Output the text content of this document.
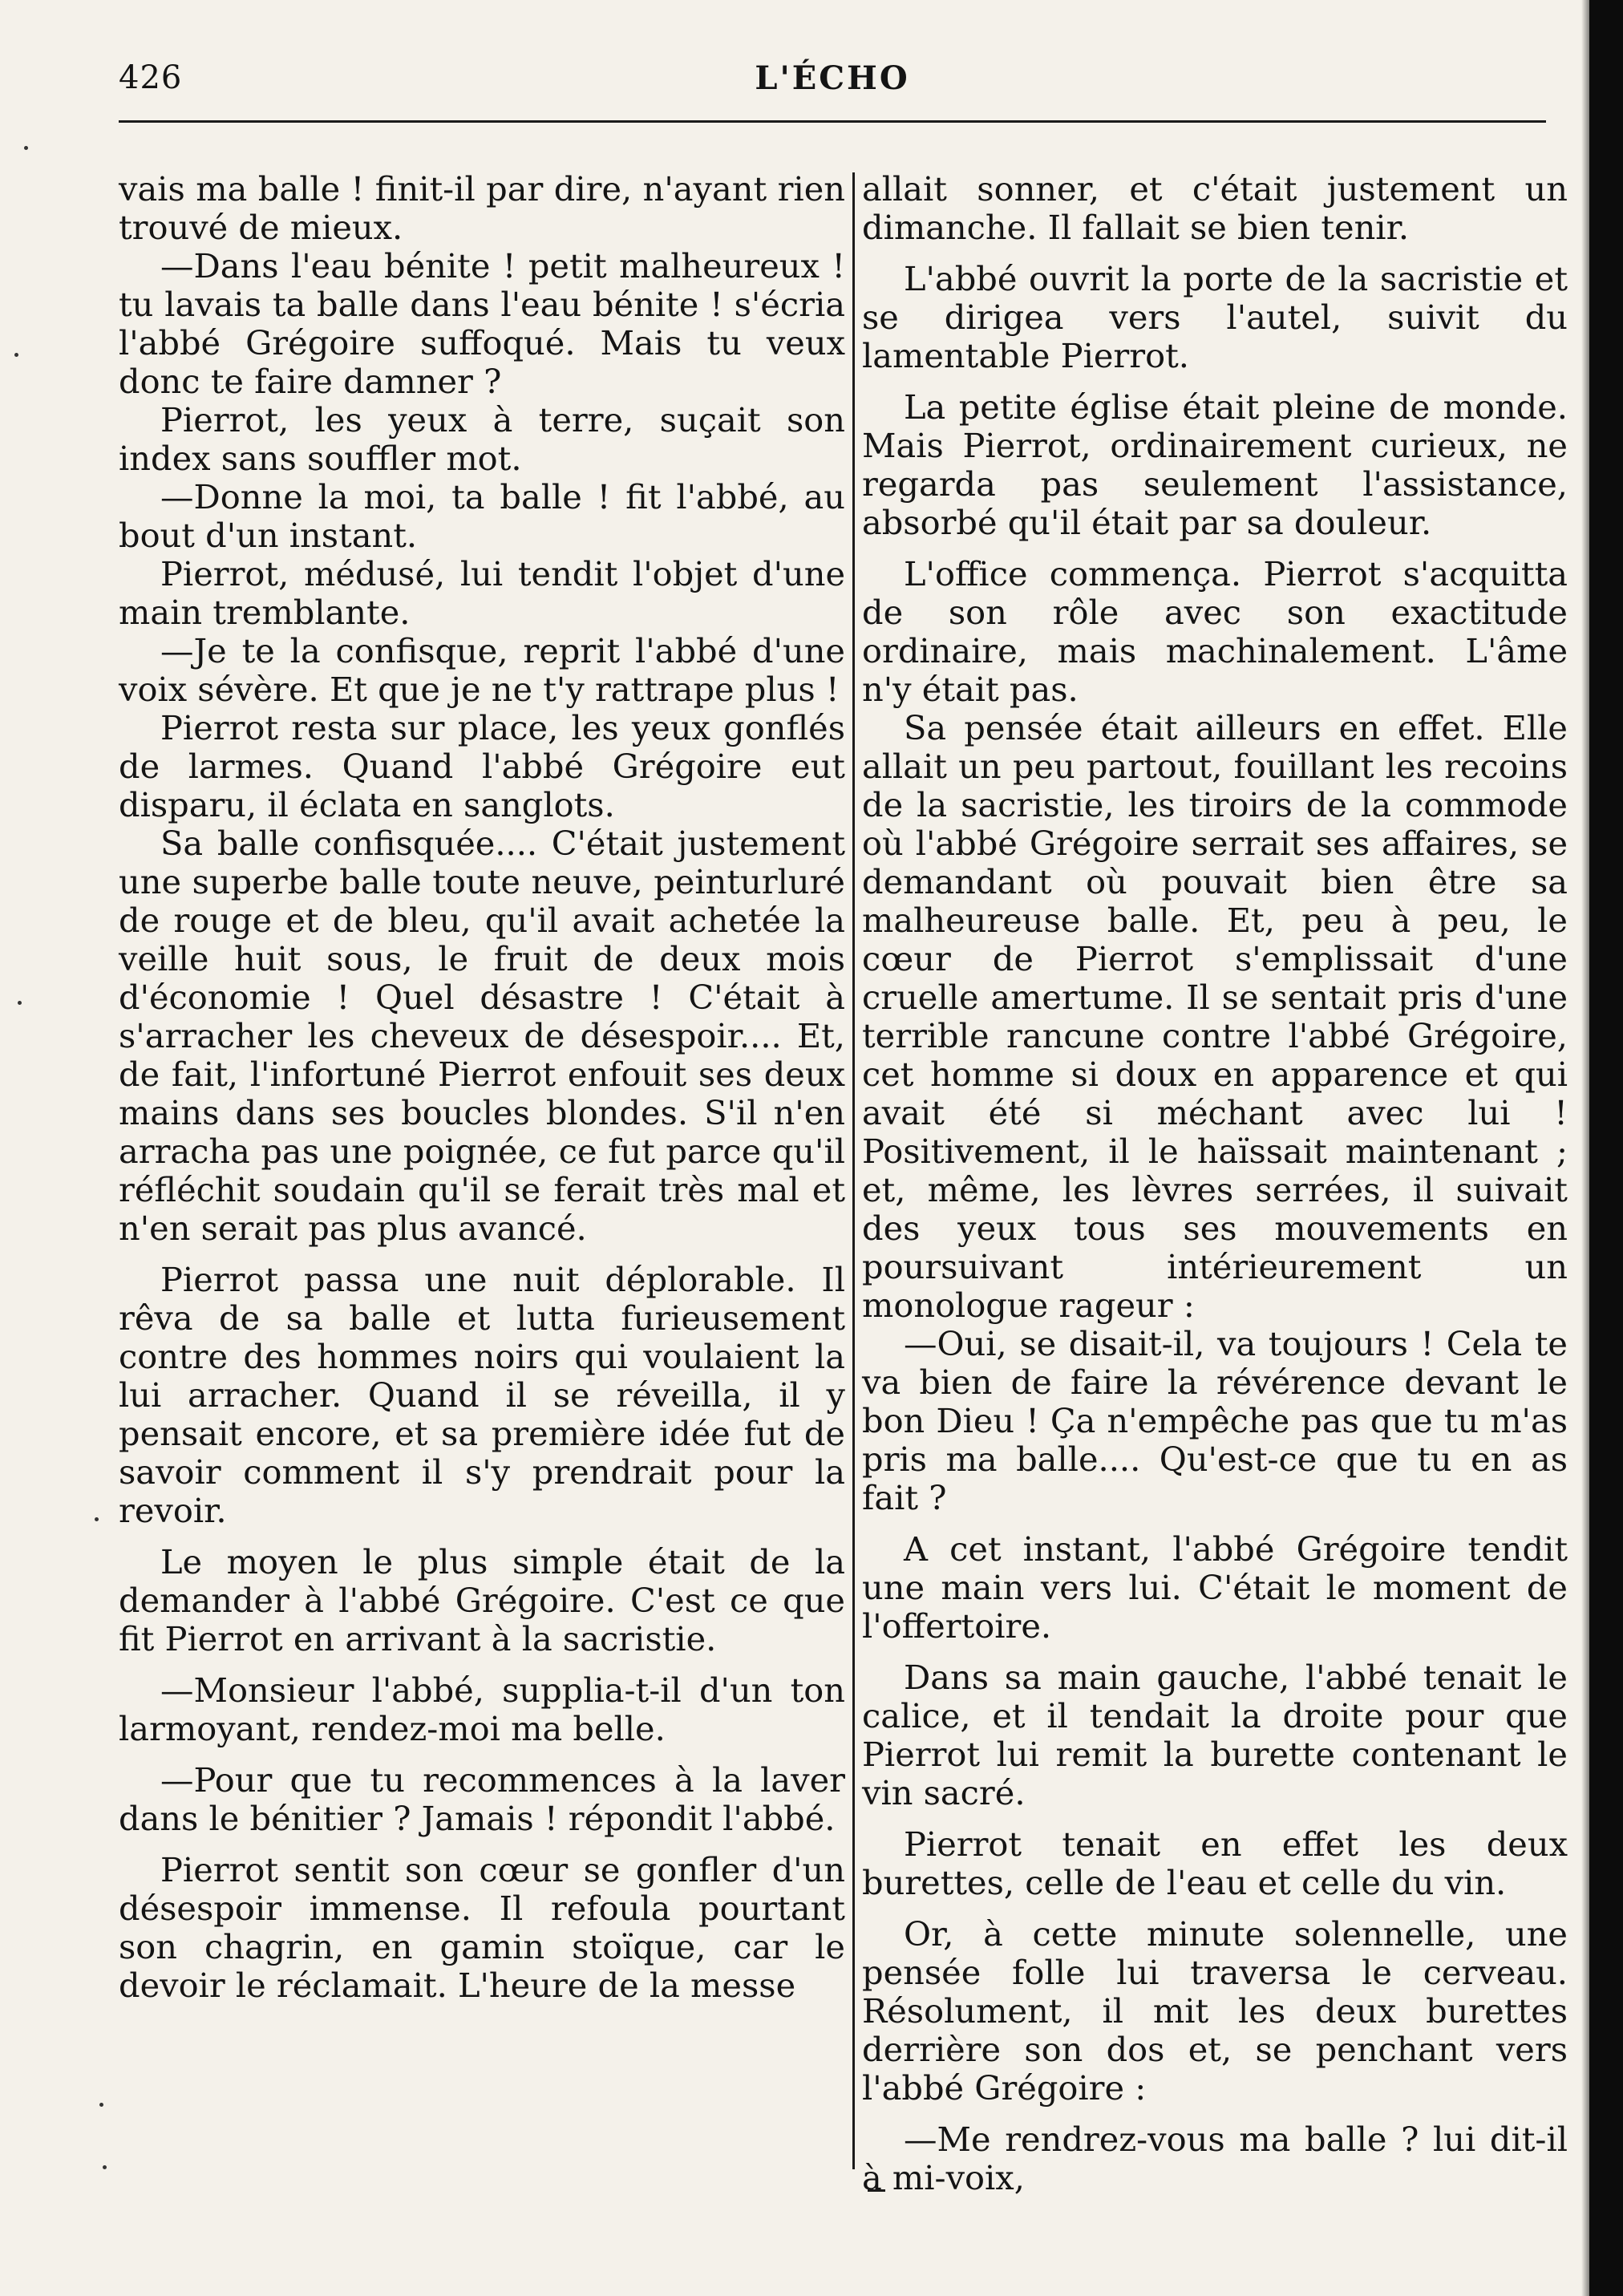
426	L'ÉCHO

vais ma balle ! finit-il par dire, n'ayant rien trouvé de mieux.

—Dans l'eau bénite ! petit malheureux ! tu lavais ta balle dans l'eau bénite ! s'écria l'abbé Grégoire suffoqué. Mais tu veux donc te faire damner ?

Pierrot, les yeux à terre, suçait son index sans souffler mot.

—Donne la moi, ta balle ! fit l'abbé, au bout d'un instant.

Pierrot, médusé, lui tendit l'objet d'une main tremblante.

—Je te la confisque, reprit l'abbé d'une voix sévère. Et que je ne t'y rattrape plus !

Pierrot resta sur place, les yeux gonflés de larmes. Quand l'abbé Grégoire eut disparu, il éclata en sanglots.

Sa balle confisquée.... C'était justement une superbe balle toute neuve, peinturluré de rouge et de bleu, qu'il avait achetée la veille huit sous, le fruit de deux mois d'économie ! Quel désastre ! C'était à s'arracher les cheveux de désespoir.... Et, de fait, l'infortuné Pierrot enfouit ses deux mains dans ses boucles blondes. S'il n'en arracha pas une poignée, ce fut parce qu'il réfléchit soudain qu'il se ferait très mal et n'en serait pas plus avancé.

Pierrot passa une nuit déplorable. Il rêva de sa balle et lutta furieusement contre des hommes noirs qui voulaient la lui arracher. Quand il se réveilla, il y pensait encore, et sa première idée fut de savoir comment il s'y prendrait pour la revoir.

Le moyen le plus simple était de la demander à l'abbé Grégoire. C'est ce que fit Pierrot en arrivant à la sacristie.

—Monsieur l'abbé, supplia-t-il d'un ton larmoyant, rendez-moi ma belle.

—Pour que tu recommences à la laver dans le bénitier ? Jamais ! répondit l'abbé.

Pierrot sentit son cœur se gonfler d'un désespoir immense. Il refoula pourtant son chagrin, en gamin stoïque, car le devoir le réclamait. L'heure de la messe

allait sonner, et c'était justement un dimanche. Il fallait se bien tenir.

L'abbé ouvrit la porte de la sacristie et se dirigea vers l'autel, suivit du lamentable Pierrot.

La petite église était pleine de monde. Mais Pierrot, ordinairement curieux, ne regarda pas seulement l'assistance, absorbé qu'il était par sa douleur.

L'office commença. Pierrot s'acquitta de son rôle avec son exactitude ordinaire, mais machinalement. L'âme n'y était pas.

Sa pensée était ailleurs en effet. Elle allait un peu partout, fouillant les recoins de la sacristie, les tiroirs de la commode où l'abbé Grégoire serrait ses affaires, se demandant où pouvait bien être sa malheureuse balle. Et, peu à peu, le cœur de Pierrot s'emplissait d'une cruelle amertume. Il se sentait pris d'une terrible rancune contre l'abbé Grégoire, cet homme si doux en apparence et qui avait été si méchant avec lui ! Positivement, il le haïssait maintenant ; et, même, les lèvres serrées, il suivait des yeux tous ses mouvements en poursuivant intérieurement un monologue rageur :

—Oui, se disait-il, va toujours ! Cela te va bien de faire la révérence devant le bon Dieu ! Ça n'empêche pas que tu m'as pris ma balle.... Qu'est-ce que tu en as fait ?

A cet instant, l'abbé Grégoire tendit une main vers lui. C'était le moment de l'offertoire.

Dans sa main gauche, l'abbé tenait le calice, et il tendait la droite pour que Pierrot lui remit la burette contenant le vin sacré.

Pierrot tenait en effet les deux burettes, celle de l'eau et celle du vin.

Or, à cette minute solennelle, une pensée folle lui traversa le cerveau. Résolument, il mit les deux burettes derrière son dos et, se penchant vers l'abbé Grégoire :

—Me rendrez-vous ma balle ? lui dit-il à mi-voix,
